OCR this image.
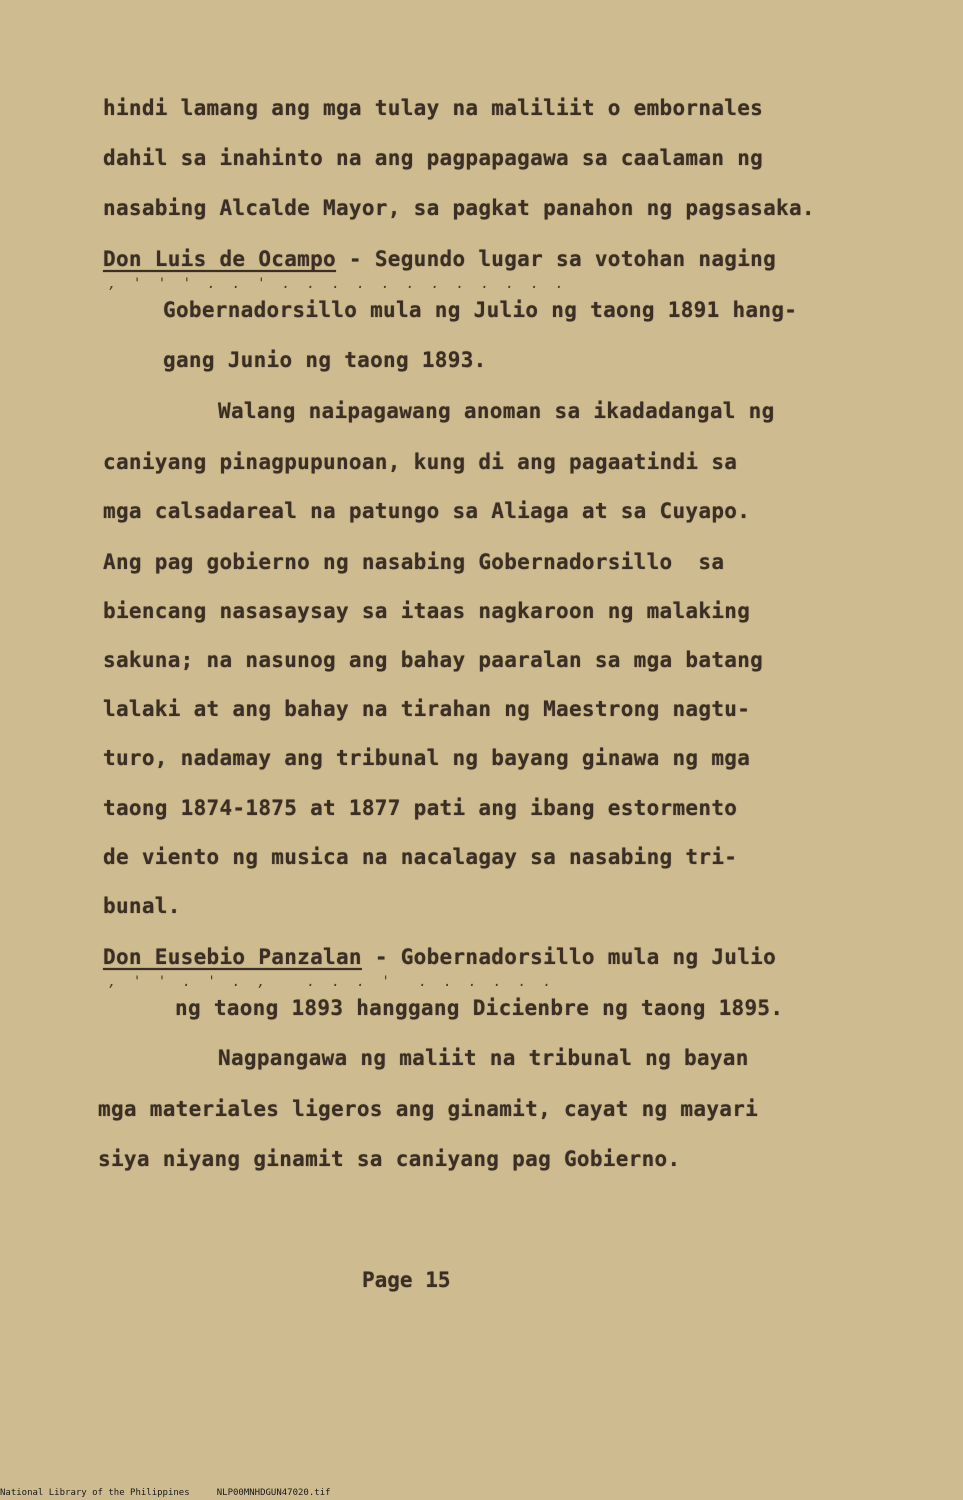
hindi lamang ang mga tulay na maliliit o embornales
dahil sa inahinto na ang pagpapagawa sa caalaman ng
nasabing Alcalde Mayor, sa pagkat panahon ng pagsasaka.
Don Luis de Ocampo - Segundo lugar sa votohan naging
, ' ' ' . . ' . . . . . . . . . . . .
Gobernadorsillo mula ng Julio ng taong 1891 hang-
gang Junio ng taong 1893.
Walang naipagawang anoman sa ikadadangal ng
caniyang pinagpupunoan, kung di ang pagaatindi sa
mga calsadareal na patungo sa Aliaga at sa Cuyapo.
Ang pag gobierno ng nasabing Gobernadorsillo  sa
biencang nasasaysay sa itaas nagkaroon ng malaking
sakuna; na nasunog ang bahay paaralan sa mga batang
lalaki at ang bahay na tirahan ng Maestrong nagtu-
turo, nadamay ang tribunal ng bayang ginawa ng mga
taong 1874-1875 at 1877 pati ang ibang estormento
de viento ng musica na nacalagay sa nasabing tri-
bunal.
Don Eusebio Panzalan - Gobernadorsillo mula ng Julio
, ' ' . ' . ,   . . . '  . . . . . .
ng taong 1893 hanggang Dicienbre ng taong 1895.
Nagpangawa ng maliit na tribunal ng bayan
mga materiales ligeros ang ginamit, cayat ng mayari
siya niyang ginamit sa caniyang pag Gobierno.
Page 15
National Library of the Philippines     NLP00MNHDGUN47020.tif
